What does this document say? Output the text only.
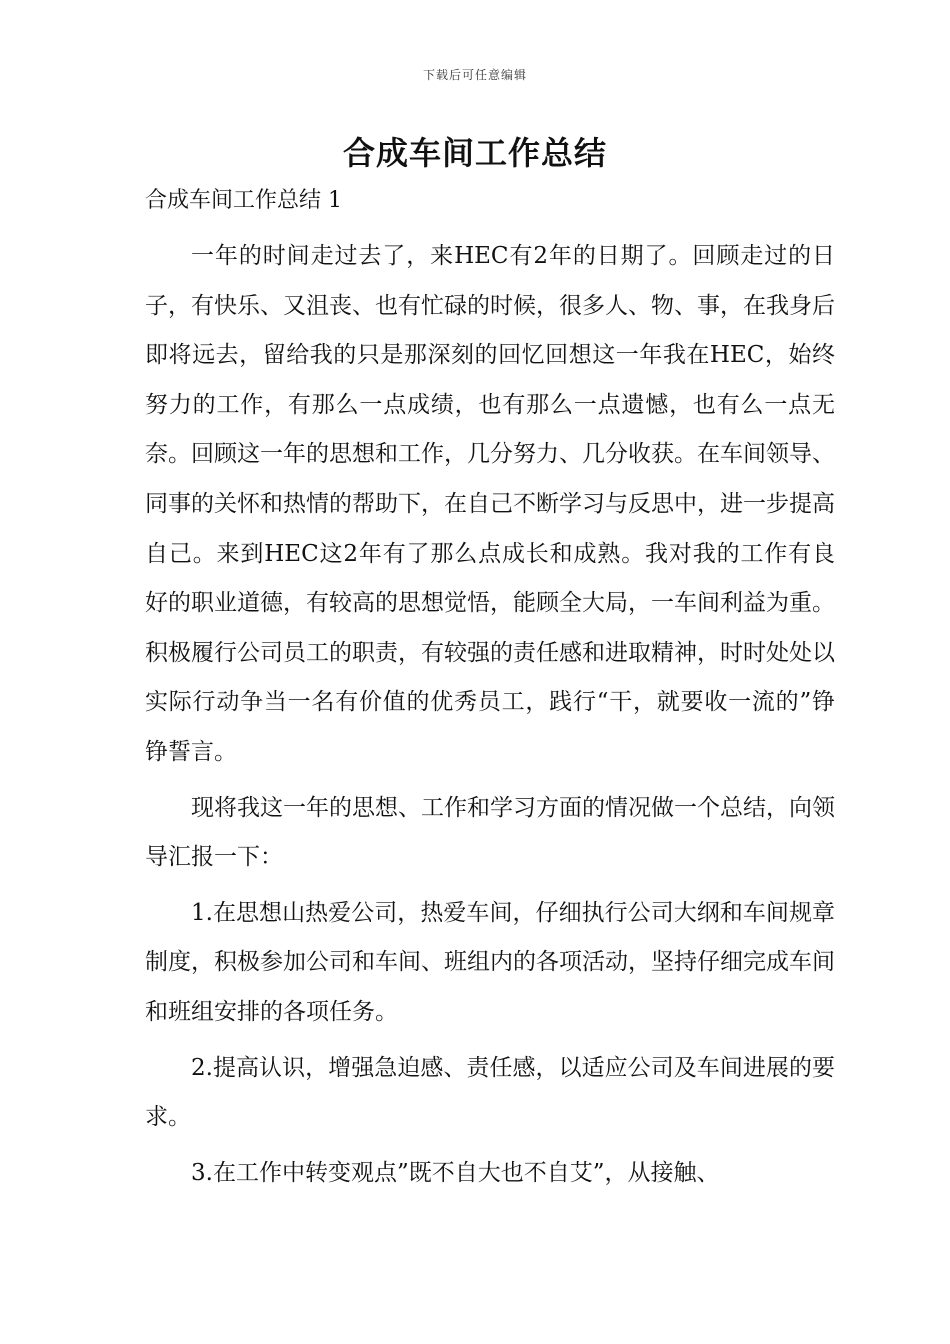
下载后可任意编辑
合成车间工作总结

合成车间工作总结 1

一年的时间走过去了，来HEC有2年的日期了。回顾走过的日子，有快乐、又沮丧、也有忙碌的时候，很多人、物、事，在我身后即将远去，留给我的只是那深刻的回忆回想这一年我在HEC，始终努力的工作，有那么一点成绩，也有那么一点遗憾，也有么一点无奈。回顾这一年的思想和工作，几分努力、几分收获。在车间领导、同事的关怀和热情的帮助下，在自己不断学习与反思中，进一步提高自己。来到HEC这2年有了那么点成长和成熟。我对我的工作有良好的职业道德，有较高的思想觉悟，能顾全大局，一车间利益为重。积极履行公司员工的职责，有较强的责任感和进取精神，时时处处以实际行动争当一名有价值的优秀员工，践行“干，就要收一流的”铮铮誓言。

现将我这一年的思想、工作和学习方面的情况做一个总结，向领导汇报一下：

1.在思想山热爱公司，热爱车间，仔细执行公司大纲和车间规章制度，积极参加公司和车间、班组内的各项活动，坚持仔细完成车间和班组安排的各项任务。

2.提高认识，增强急迫感、责任感，以适应公司及车间进展的要求。

3.在工作中转变观点”既不自大也不自艾”，从接触、
